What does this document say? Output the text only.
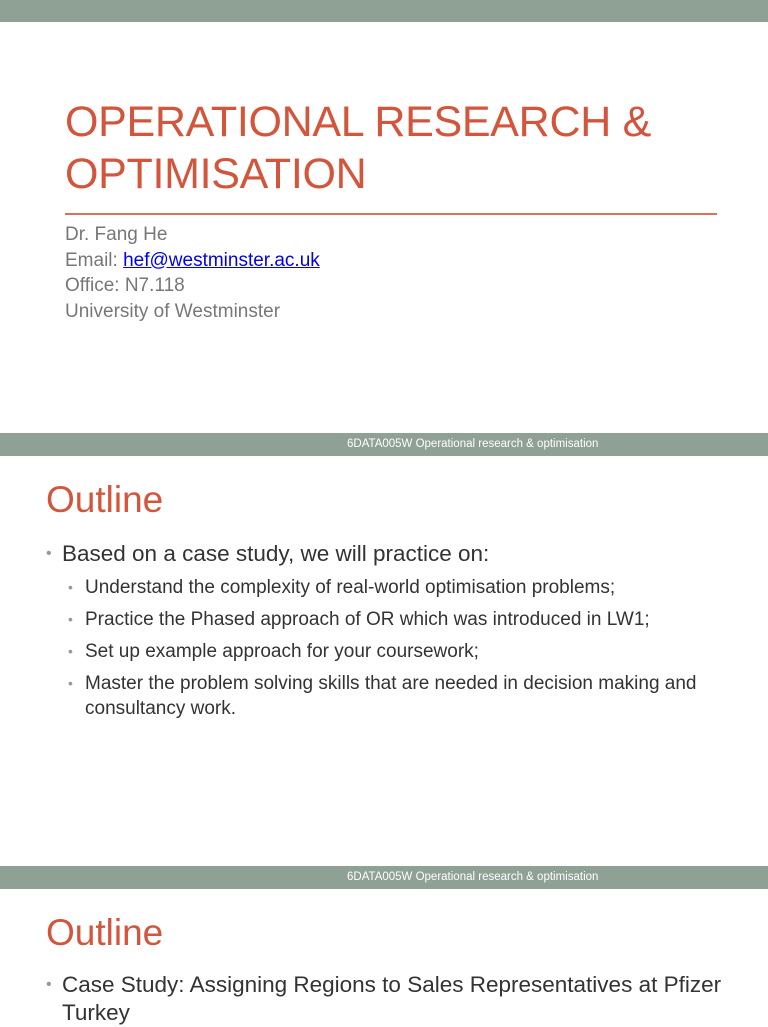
OPERATIONAL RESEARCH & OPTIMISATION
Dr. Fang He
Email: hef@westminster.ac.uk
Office: N7.118
University of Westminster
6DATA005W Operational research & optimisation
Outline
• Based on a case study, we will practice on:
• Understand the complexity of real-world optimisation problems;
• Practice the Phased approach of OR which was introduced in LW1;
• Set up example approach for your coursework;
• Master the problem solving skills that are needed in decision making and consultancy work.
6DATA005W Operational research & optimisation
Outline
• Case Study: Assigning Regions to Sales Representatives at Pfizer Turkey
